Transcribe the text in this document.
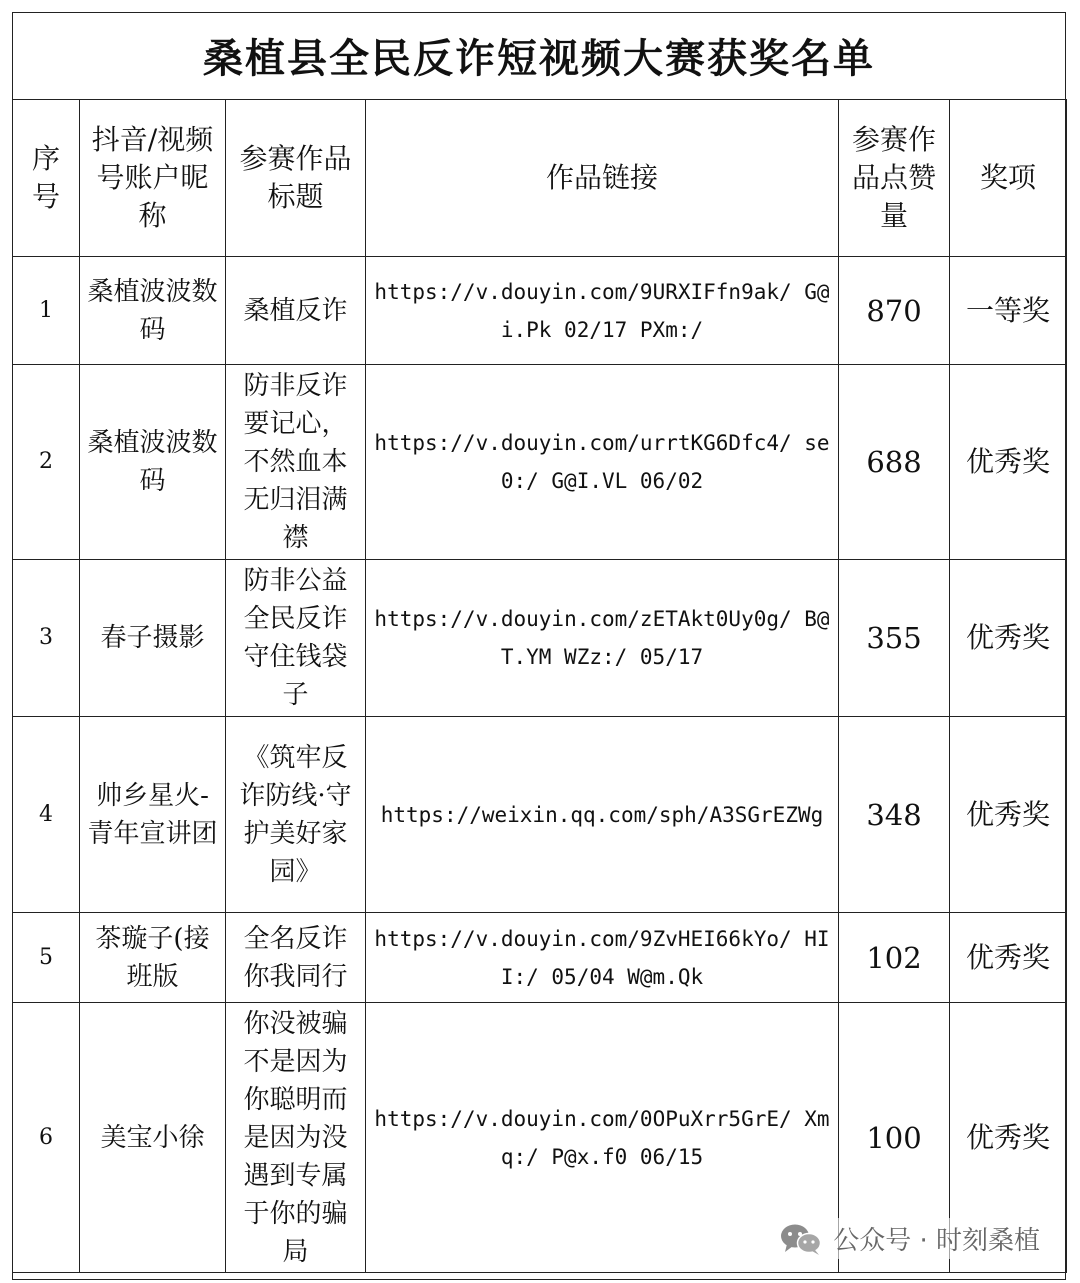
桑植县全民反诈短视频大赛获奖名单
序号	抖音/视频号账户昵称	参赛作品标题	作品链接	参赛作品点赞量	奖项
1	桑植波波数码	桑植反诈	https://v.douyin.com/9URXIFfn9ak/ G@i.Pk 02/17 PXm:/	870	一等奖
2	桑植波波数码	防非反诈要记心，不然血本无归泪满襟	https://v.douyin.com/urrtKG6Dfc4/ se0:/ G@I.VL 06/02	688	优秀奖
3	春子摄影	防非公益全民反诈守住钱袋子	https://v.douyin.com/zETAkt0Uy0g/ B@T.YM WZz:/ 05/17	355	优秀奖
4	帅乡星火-青年宣讲团	《筑牢反诈防线·守护美好家园》	https://weixin.qq.com/sph/A3SGrEZWg	348	优秀奖
5	茶璇子(接班版	全名反诈你我同行	https://v.douyin.com/9ZvHEI66kYo/ HII:/ 05/04 W@m.Qk	102	优秀奖
6	美宝小徐	你没被骗不是因为你聪明而是因为没遇到专属于你的骗局	https://v.douyin.com/0OPuXrr5GrE/ Xmq:/ P@x.f0 06/15	100	优秀奖
公众号 · 时刻桑植
